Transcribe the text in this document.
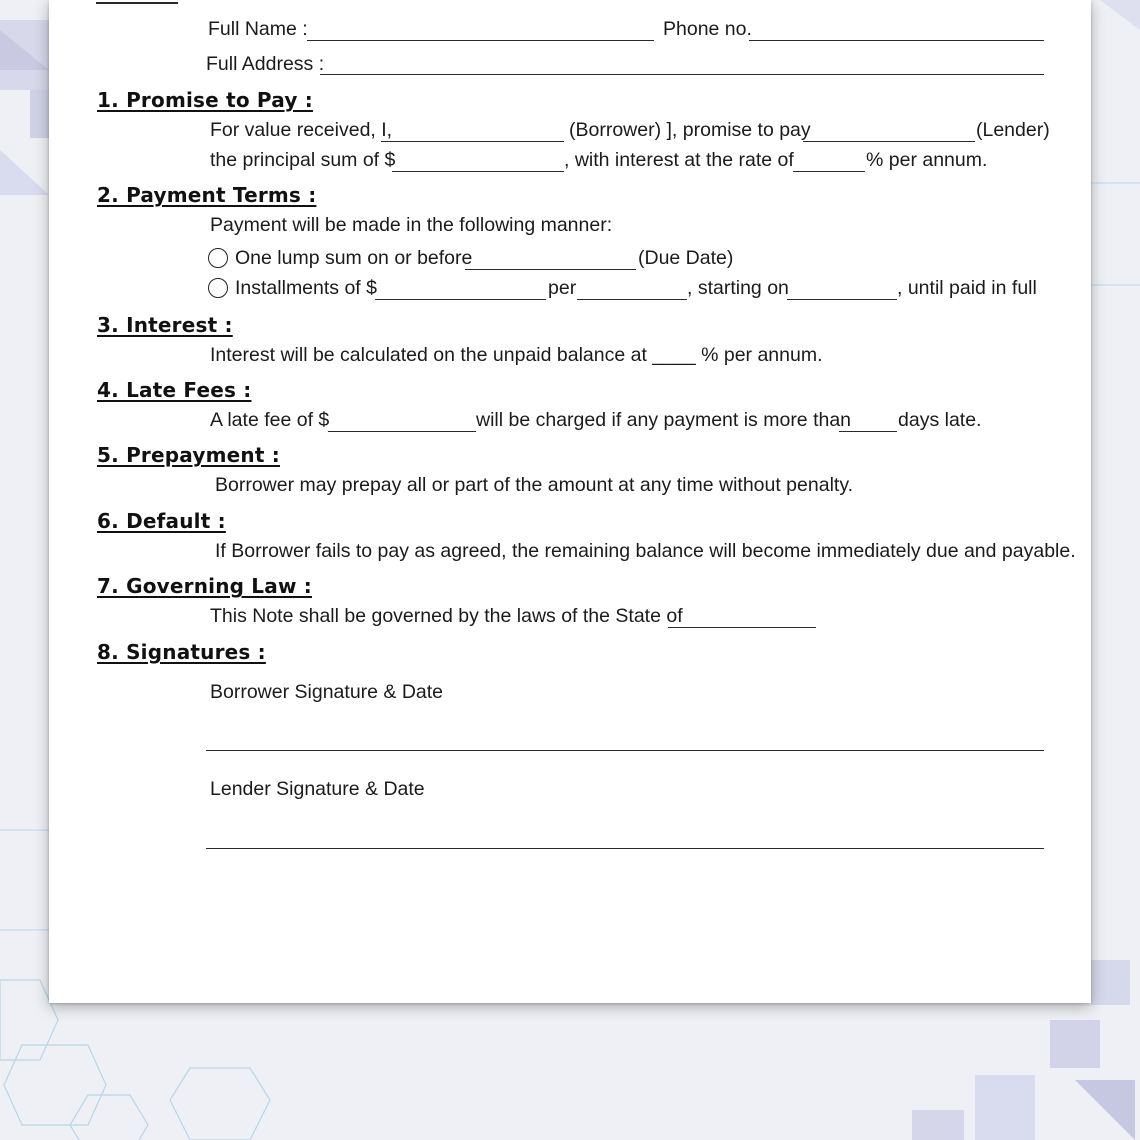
Full Name :	Phone no.
Full Address :
1. Promise to Pay :
For value received, I,	(Borrower) ], promise to pay	(Lender)
the principal sum of $	, with interest at the rate of	% per annum.
2. Payment Terms :
Payment will be made in the following manner:
One lump sum on or before	(Due Date)
Installments of $	per	, starting on	, until paid in full
3. Interest :
Interest will be calculated on the unpaid balance at ____ % per annum.
4. Late Fees :
A late fee of $	will be charged if any payment is more than days late.
5. Prepayment :
Borrower may prepay all or part of the amount at any time without penalty.
6. Default :
If Borrower fails to pay as agreed, the remaining balance will become immediately due and payable.
7. Governing Law :
This Note shall be governed by the laws of the State of
8. Signatures :
Borrower Signature & Date
Lender Signature & Date
